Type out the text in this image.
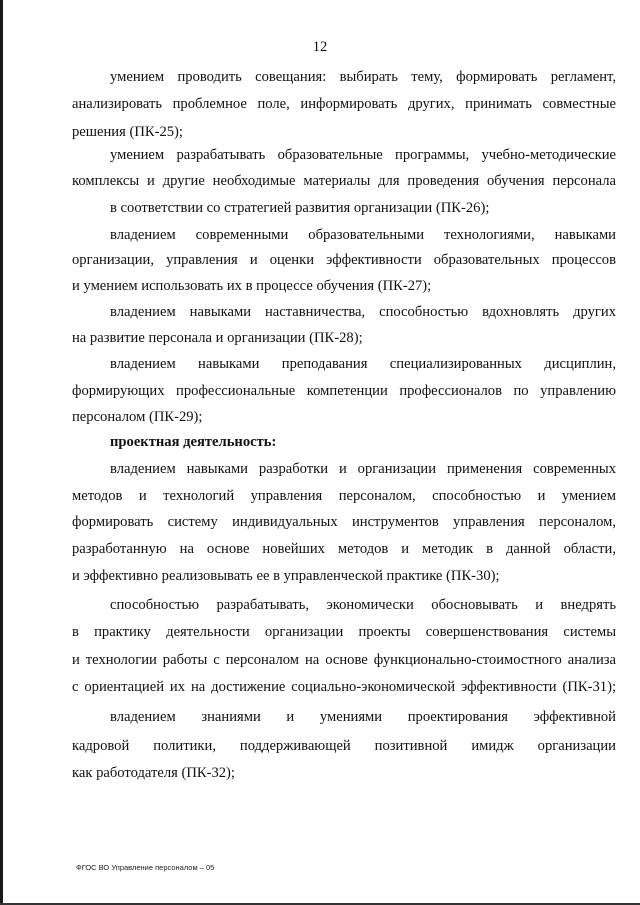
12
умением проводить совещания: выбирать тему, формировать регламент,
анализировать проблемное поле, информировать других, принимать совместные
решения (ПК-25);
умением разрабатывать образовательные программы, учебно-методические
комплексы и другие необходимые материалы для проведения обучения персонала
в соответствии со стратегией развития организации (ПК-26);
владением современными образовательными технологиями, навыками
организации, управления и оценки эффективности образовательных процессов
и умением использовать их в процессе обучения (ПК-27);
владением навыками наставничества, способностью вдохновлять других
на развитие персонала и организации (ПК-28);
владением навыками преподавания специализированных дисциплин,
формирующих профессиональные компетенции профессионалов по управлению
персоналом (ПК-29);
проектная деятельность:
владением навыками разработки и организации применения современных
методов и технологий управления персоналом, способностью и умением
формировать систему индивидуальных инструментов управления персоналом,
разработанную на основе новейших методов и методик в данной области,
и эффективно реализовывать ее в управленческой практике (ПК-30);
способностью разрабатывать, экономически обосновывать и внедрять
в практику деятельности организации проекты совершенствования системы
и технологии работы с персоналом на основе функционально-стоимостного анализа
с ориентацией их на достижение социально-экономической эффективности (ПК-31);
владением знаниями и умениями проектирования эффективной
кадровой политики, поддерживающей позитивной имидж организации
как работодателя (ПК-32);
ФГОС ВО Управление персоналом – 05
